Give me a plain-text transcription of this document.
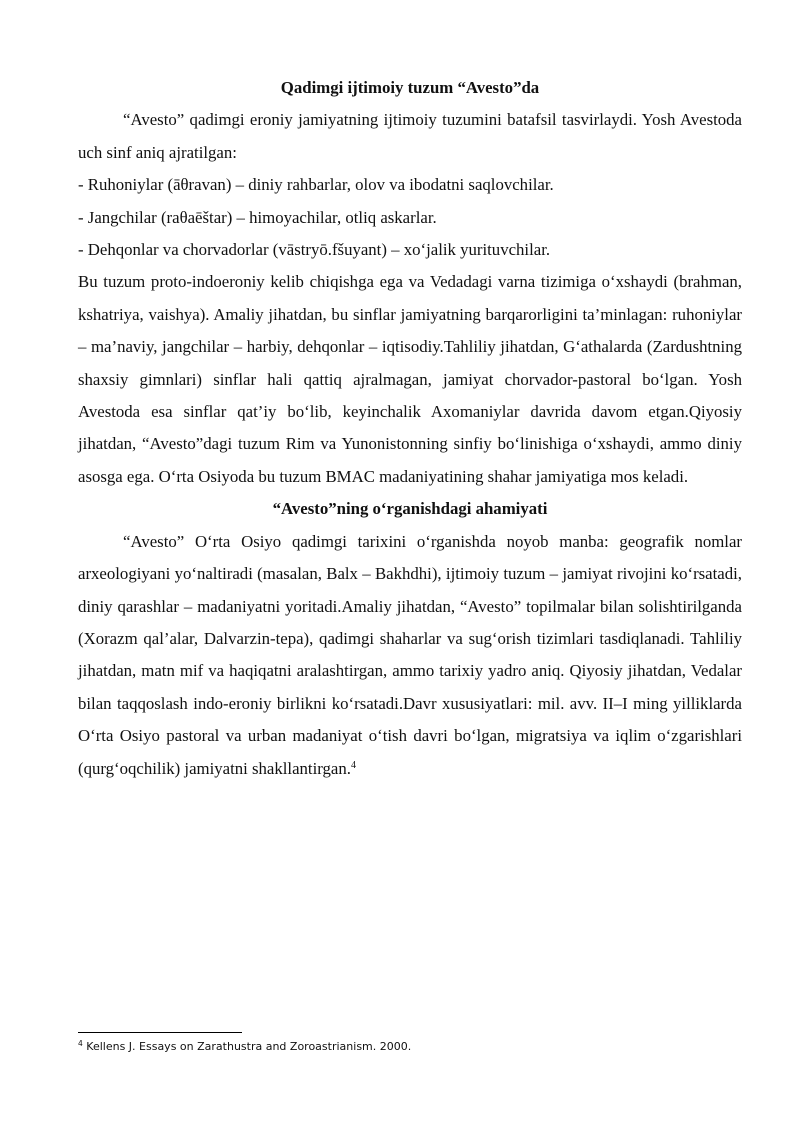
Qadimgi ijtimoiy tuzum “Avesto”da

“Avesto” qadimgi eroniy jamiyatning ijtimoiy tuzumini batafsil tasvirlaydi. Yosh Avestoda uch sinf aniq ajratilgan:

- Ruhoniylar (āθravan) – diniy rahbarlar, olov va ibodatni saqlovchilar.

- Jangchilar (raθaēštar) – himoyachilar, otliq askarlar.

- Dehqonlar va chorvadorlar (vāstryō.fšuyant) – xo‘jalik yurituvchilar.

Bu tuzum proto-indoeroniy kelib chiqishga ega va Vedadagi varna tizimiga o‘xshaydi (brahman, kshatriya, vaishya). Amaliy jihatdan, bu sinflar jamiyatning barqarorligini ta’minlagan: ruhoniylar – ma’naviy, jangchilar – harbiy, dehqonlar – iqtisodiy.Tahliliy jihatdan, G‘athalarda (Zardushtning shaxsiy gimnlari) sinflar hali qattiq ajralmagan, jamiyat chorvador-pastoral bo‘lgan. Yosh Avestoda esa sinflar qat’iy bo‘lib, keyinchalik Axomaniylar davrida davom etgan.Qiyosiy jihatdan, “Avesto”dagi tuzum Rim va Yunonistonning sinfiy bo‘linishiga o‘xshaydi, ammo diniy asosga ega. O‘rta Osiyoda bu tuzum BMAC madaniyatining shahar jamiyatiga mos keladi.

“Avesto”ning o‘rganishdagi ahamiyati

“Avesto” O‘rta Osiyo qadimgi tarixini o‘rganishda noyob manba: geografik nomlar arxeologiyani yo‘naltiradi (masalan, Balx – Bakhdhi), ijtimoiy tuzum – jamiyat rivojini ko‘rsatadi, diniy qarashlar – madaniyatni yoritadi.Amaliy jihatdan, “Avesto” topilmalar bilan solishtirilganda (Xorazm qal’alar, Dalvarzin-tepa), qadimgi shaharlar va sug‘orish tizimlari tasdiqlanadi. Tahliliy jihatdan, matn mif va haqiqatni aralashtirgan, ammo tarixiy yadro aniq. Qiyosiy jihatdan, Vedalar bilan taqqoslash indo-eroniy birlikni ko‘rsatadi.Davr xususiyatlari: mil. avv. II–I ming yilliklarda O‘rta Osiyo pastoral va urban madaniyat o‘tish davri bo‘lgan, migratsiya va iqlim o‘zgarishlari (qurg‘oqchilik) jamiyatni shakllantirgan.$^4$

$^4$ Kellens J. Essays on Zarathustra and Zoroastrianism. 2000.
